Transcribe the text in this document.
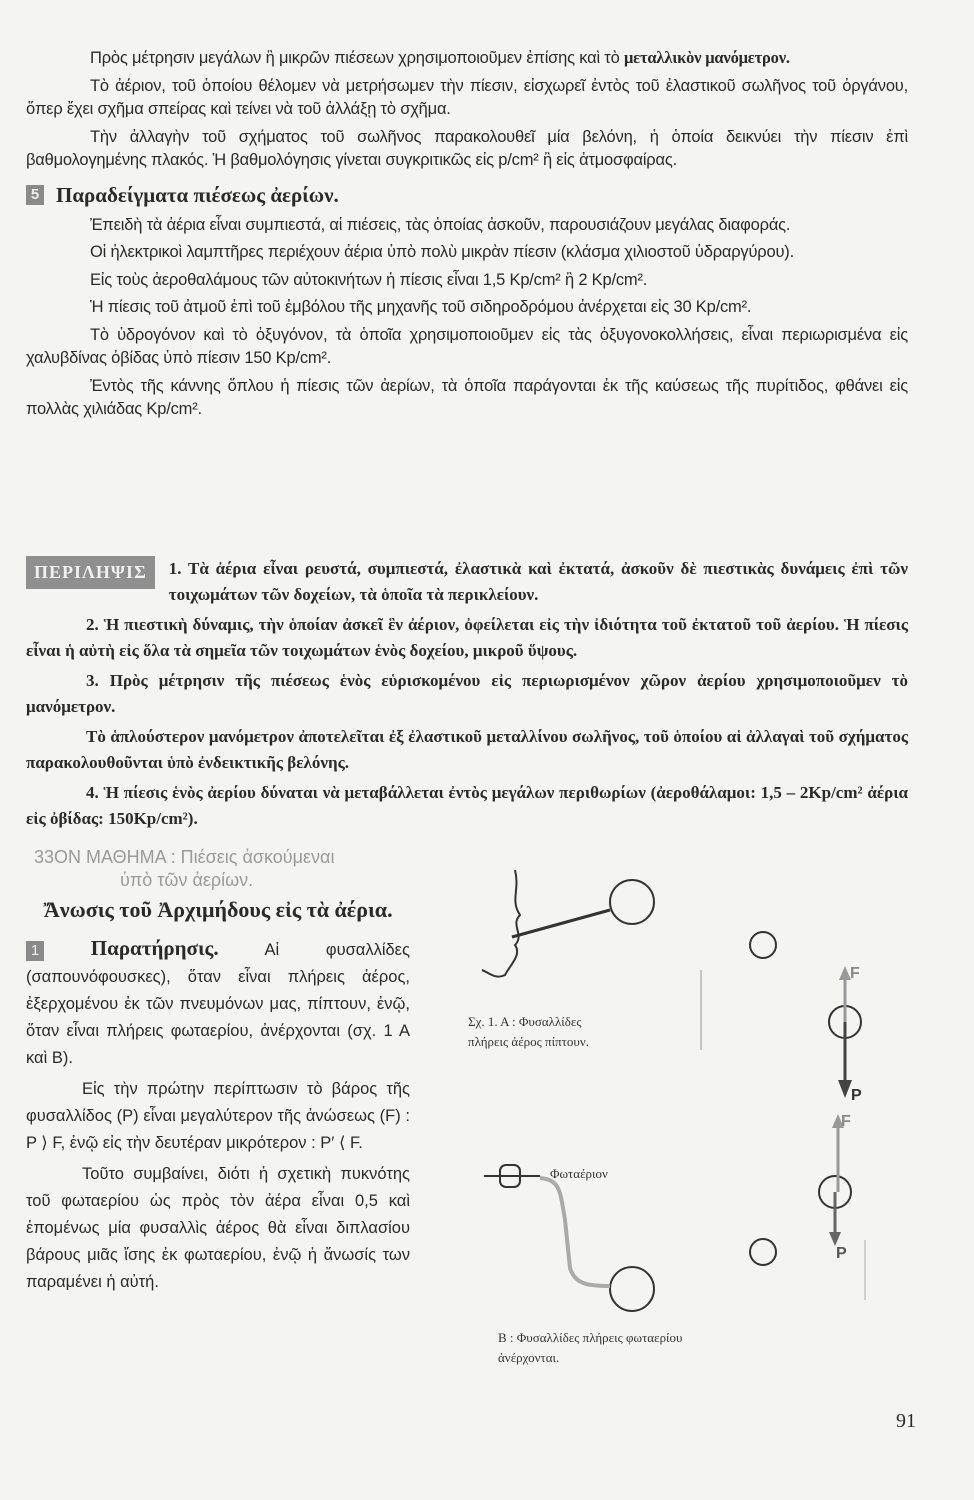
Πρὸς μέτρησιν μεγάλων ἢ μικρῶν πιέσεων χρησιμοποιοῦμεν ἐπίσης καὶ τὸ μεταλλικὸν μανόμετρον.

Τὸ ἀέριον, τοῦ ὁποίου θέλομεν νὰ μετρήσωμεν τὴν πίεσιν, εἰσχωρεῖ ἐντὸς τοῦ ἐλαστικοῦ σωλῆνος τοῦ ὀργάνου, ὅπερ ἔχει σχῆμα σπείρας καὶ τείνει νὰ τοῦ ἀλλάξῃ τὸ σχῆμα.

Τὴν ἀλλαγὴν τοῦ σχήματος τοῦ σωλῆνος παρακολουθεῖ μία βελόνη, ἡ ὁποία δεικνύει τὴν πίεσιν ἐπὶ βαθμολογημένης πλακός. Ἡ βαθμολόγησις γίνεται συγκριτικῶς εἰς p/cm² ἢ εἰς ἀτμοσφαίρας.

5 Παραδείγματα πιέσεως ἀερίων.

Ἐπειδὴ τὰ ἀέρια εἶναι συμπιεστά, αἱ πιέσεις, τὰς ὁποίας ἀσκοῦν, παρουσιάζουν μεγάλας διαφοράς.

Οἱ ἠλεκτρικοὶ λαμπτῆρες περιέχουν ἀέρια ὑπὸ πολὺ μικρὰν πίεσιν (κλάσμα χιλιοστοῦ ὑδραργύρου).

Εἰς τοὺς ἀεροθαλάμους τῶν αὐτοκινήτων ἡ πίεσις εἶναι 1,5 Kp/cm² ἢ 2 Kp/cm².

Ἡ πίεσις τοῦ ἀτμοῦ ἐπὶ τοῦ ἐμβόλου τῆς μηχανῆς τοῦ σιδηροδρόμου ἀνέρχεται εἰς 30 Kp/cm².

Τὸ ὑδρογόνον καὶ τὸ ὀξυγόνον, τὰ ὁποῖα χρησιμοποιοῦμεν εἰς τὰς ὀξυγονοκολλήσεις, εἶναι περιωρισμένα εἰς χαλυβδίνας ὀβίδας ὑπὸ πίεσιν 150 Kp/cm².

Ἐντὸς τῆς κάννης ὅπλου ἡ πίεσις τῶν ἀερίων, τὰ ὁποῖα παράγονται ἐκ τῆς καύσεως τῆς πυρίτιδος, φθάνει εἰς πολλὰς χιλιάδας Kp/cm².

ΠΕΡΙΛΗΨΙΣ	1. Τὰ ἀέρια εἶναι ρευστά, συμπιεστά, ἐλαστικὰ καὶ ἐκτατά, ἀσκοῦν δὲ πιεστικὰς δυνάμεις ἐπὶ τῶν τοιχωμάτων τῶν δοχείων, τὰ ὁποῖα τὰ περικλείουν.

2. Ἡ πιεστικὴ δύναμις, τὴν ὁποίαν ἀσκεῖ ἓν ἀέριον, ὀφείλεται εἰς τὴν ἰδιότητα τοῦ ἐκτατοῦ τοῦ ἀερίου. Ἡ πίεσις εἶναι ἡ αὐτὴ εἰς ὅλα τὰ σημεῖα τῶν τοιχωμάτων ἑνὸς δοχείου, μικροῦ ὕψους.

3. Πρὸς μέτρησιν τῆς πιέσεως ἑνὸς εὑρισκομένου εἰς περιωρισμένον χῶρον ἀερίου χρησιμοποιοῦμεν τὸ μανόμετρον.

Τὸ ἁπλούστερον μανόμετρον ἀποτελεῖται ἐξ ἐλαστικοῦ μεταλλίνου σωλῆνος, τοῦ ὁποίου αἱ ἀλλαγαὶ τοῦ σχήματος παρακολουθοῦνται ὑπὸ ἐνδεικτικῆς βελόνης.

4. Ἡ πίεσις ἑνὸς ἀερίου δύναται νὰ μεταβάλλεται ἐντὸς μεγάλων περιθωρίων (ἀεροθάλαμοι: 1,5 – 2Kp/cm² ἀέρια εἰς ὀβίδας: 150Kp/cm²).

33ΟΝ ΜΑΘΗΜΑ : Πιέσεις ἀσκούμεναι
ὑπὸ τῶν ἀερίων.
Ἄνωσις τοῦ Ἀρχιμήδους εἰς τὰ ἀέρια.

1 Παρατήρησις.	Αἱ φυσαλλίδες (σαπουνόφουσκες), ὅταν εἶναι πλήρεις ἀέρος, ἐξερχομένου ἐκ τῶν πνευμόνων μας, πίπτουν, ἐνῷ, ὅταν εἶναι πλήρεις φωταερίου, ἀνέρχονται (σχ. 1 Α καὶ Β).

Εἰς τὴν πρώτην περίπτωσιν τὸ βάρος τῆς φυσαλλίδος (P) εἶναι μεγαλύτερον τῆς ἀνώσεως (F) : P ⟩ F, ἐνῷ εἰς τὴν δευτέραν μικρότερον : P′ ⟨ F.

Τοῦτο συμβαίνει, διότι ἡ σχετικὴ πυκνότης τοῦ φωταερίου ὡς πρὸς τὸν ἀέρα εἶναι 0,5 καὶ ἑπομένως μία φυσαλλὶς ἀέρος θὰ εἶναι διπλασίου βάρους μιᾶς ἴσης ἐκ φωταερίου, ἐνῷ ἡ ἄνωσίς των παραμένει ἡ αὐτή.

F
P
F
P
Σχ. 1. Α : Φυσαλλίδες
πλήρεις ἀέρος πίπτουν.
Φωταέριον
Β : Φυσαλλίδες πλήρεις φωταερίου
ἀνέρχονται.
91
